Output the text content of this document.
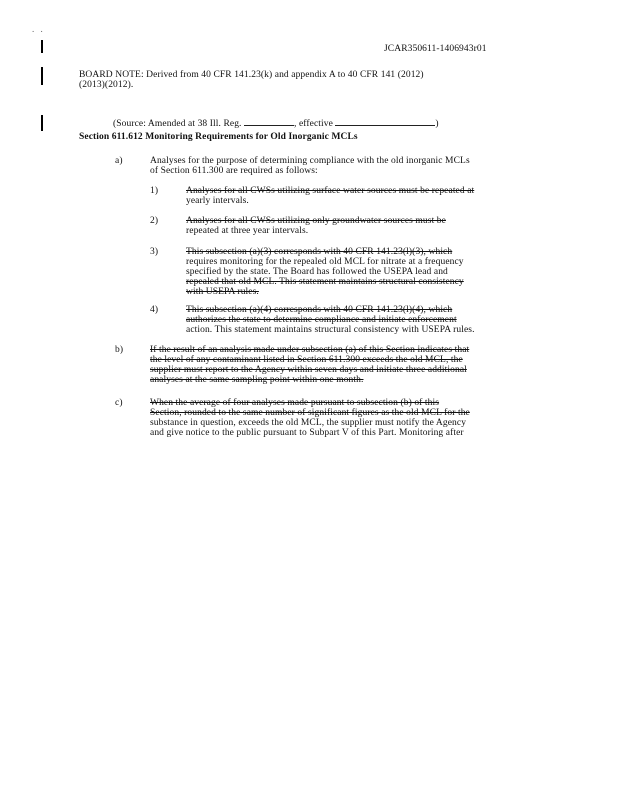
. .
JCAR350611-1406943r01
BOARD NOTE: Derived from 40 CFR 141.23(k) and appendix A to 40 CFR 141 (2012)
(2013)(2012).
(Source: Amended at 38 Ill. Reg.	, effective	)
Section 611.612 Monitoring Requirements for Old Inorganic MCLs
a)	Analyses for the purpose of determining compliance with the old inorganic MCLs
of Section 611.300 are required as follows:
1)	Analyses for all CWSs utilizing surface water sources must be repeated at
yearly intervals.
2)	Analyses for all CWSs utilizing only groundwater sources must be
repeated at three year intervals.
3)	This subsection (a)(3) corresponds with 40 CFR 141.23(l)(3), which
requires monitoring for the repealed old MCL for nitrate at a frequency
specified by the state. The Board has followed the USEPA lead and
repealed that old MCL. This statement maintains structural consistency
with USEPA rules.
4)	This subsection (a)(4) corresponds with 40 CFR 141.23(l)(4), which
authorizes the state to determine compliance and initiate enforcement
action. This statement maintains structural consistency with USEPA rules.
b)	If the result of an analysis made under subsection (a) of this Section indicates that
the level of any contaminant listed in Section 611.300 exceeds the old MCL, the
supplier must report to the Agency within seven days and initiate three additional
analyses at the same sampling point within one month.
c)	When the average of four analyses made pursuant to subsection (b) of this
Section, rounded to the same number of significant figures as the old MCL for the
substance in question, exceeds the old MCL, the supplier must notify the Agency
and give notice to the public pursuant to Subpart V of this Part. Monitoring after
